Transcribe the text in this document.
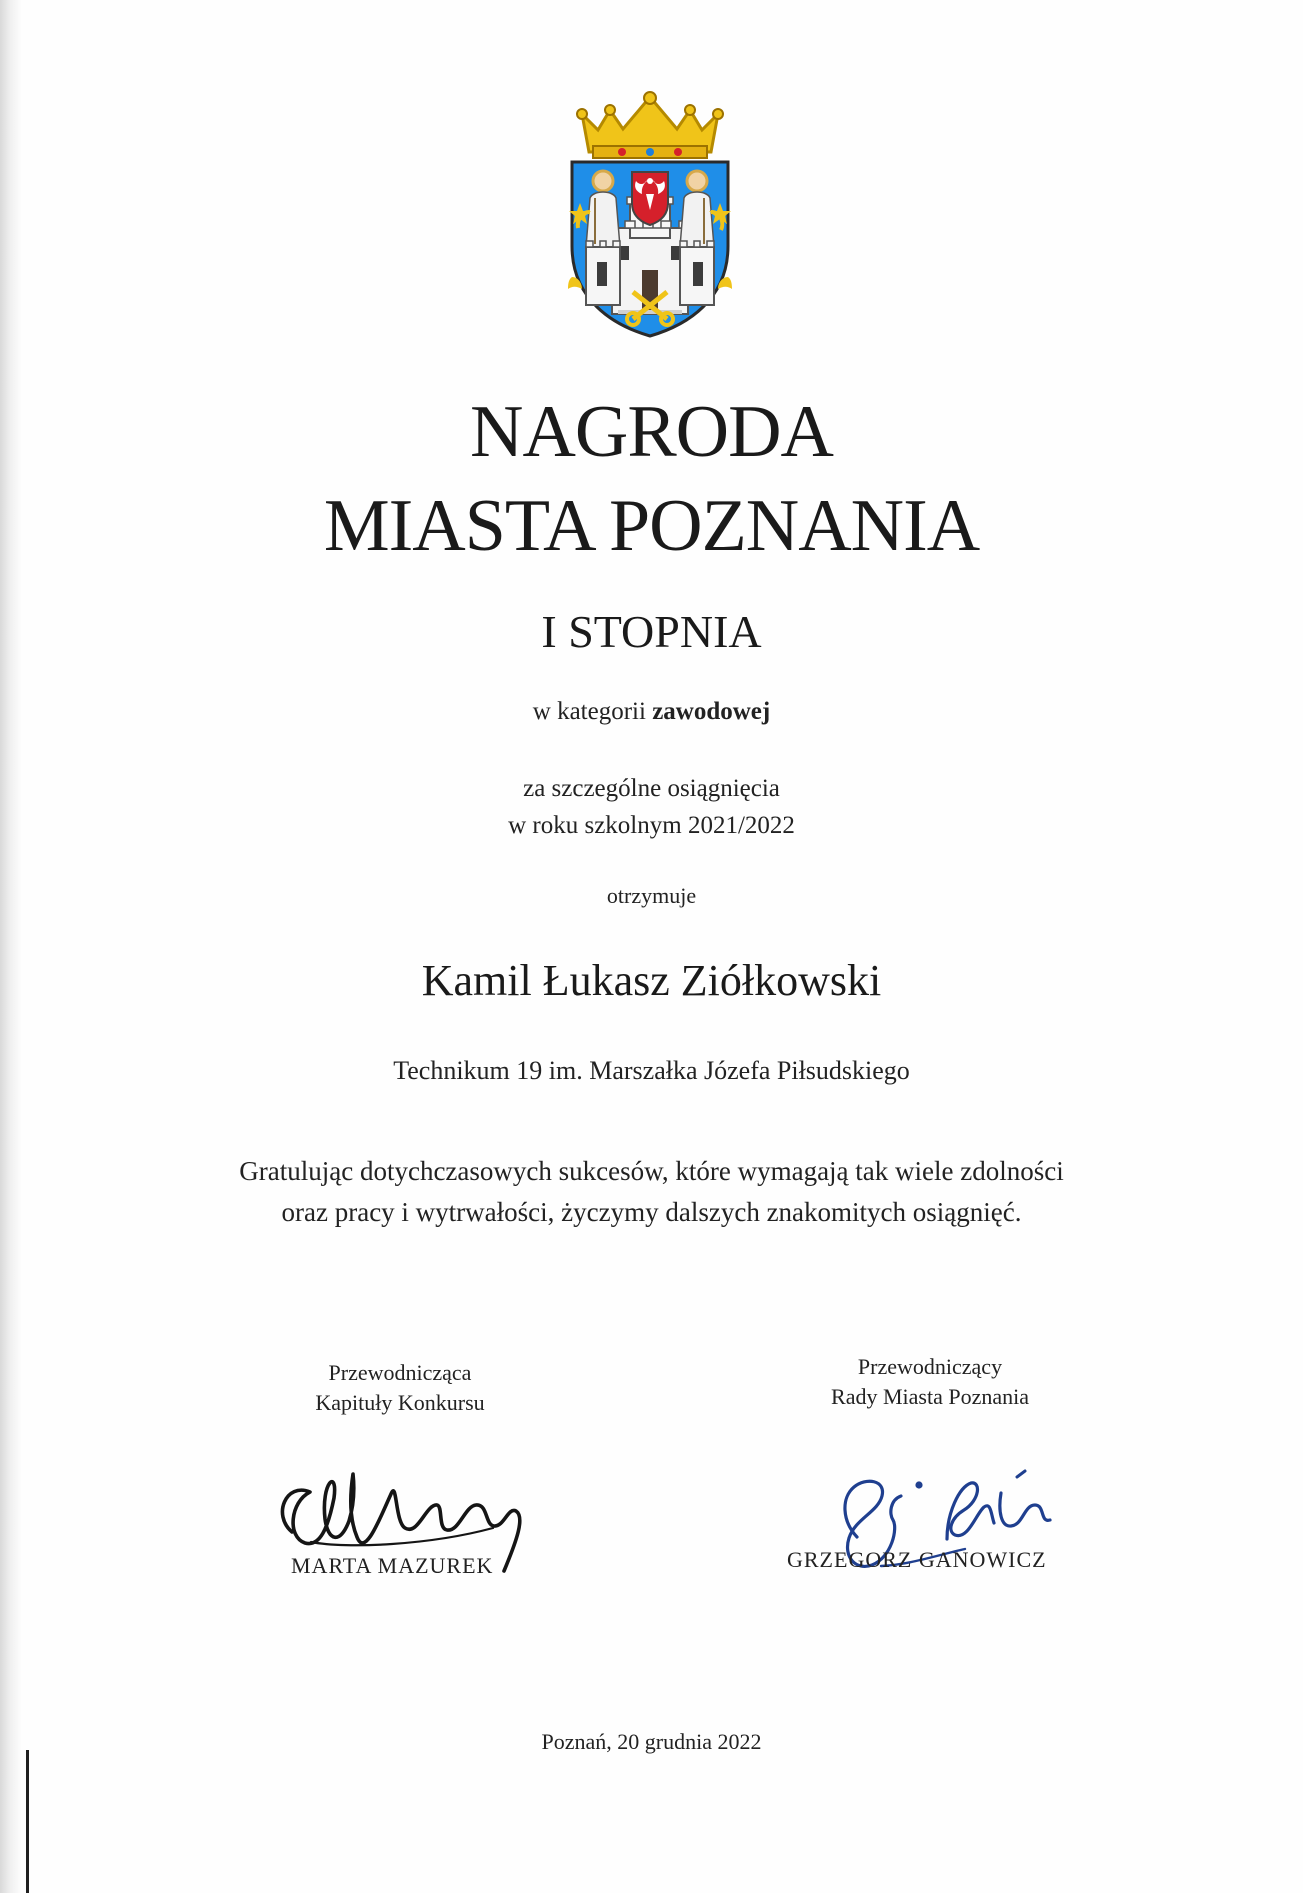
NAGRODA
MIASTA POZNANIA
I STOPNIA
w kategorii zawodowej
za szczególne osiągnięcia
w roku szkolnym 2021/2022
otrzymuje
Kamil Łukasz Ziółkowski
Technikum 19 im. Marszałka Józefa Piłsudskiego
Gratulując dotychczasowych sukcesów, które wymagają tak wiele zdolności
oraz pracy i wytrwałości, życzymy dalszych znakomitych osiągnięć.
Przewodnicząca
Kapituły Konkursu
Przewodniczący
Rady Miasta Poznania
MARTA MAZUREK	GRZEGORZ GANOWICZ
Poznań, 20 grudnia 2022
